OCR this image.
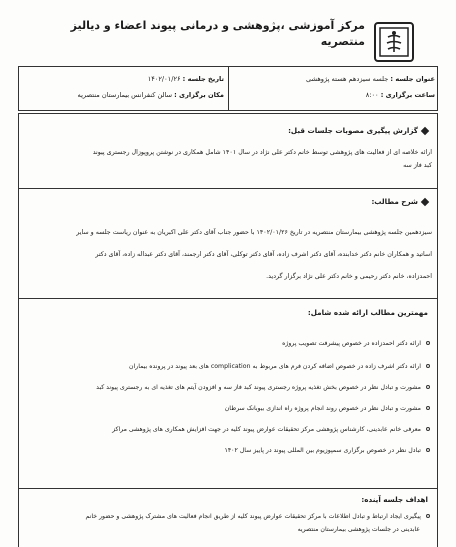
مرکز آموزشی ،پژوهشی و درمانی پیوند اعضاء و دیالیز منتصریه
عنوان جلسه : جلسه سیزدهم هسته پژوهشی
ساعت برگزاری : ۸:۰۰
تاریخ جلسه : ۱۴۰۲/۰۱/۲۶
مکان برگزاری : سالن کنفرانس بیمارستان منتصریه
گزارش پیگیری مصوبات جلسات قبل:
ارائه خلاصه ای از فعالیت های پژوهشی توسط خانم دکتر علی نژاد در سال ۱۴۰۱ شامل همکاری در نوشتن پروپوزال رجستری پیوند
کبد فاز سه
شرح مطالب:
سیزدهمین جلسه پژوهشی بیمارستان منتصریه در تاریخ ۱۴۰۲/۰۱/۲۶ با حضور جناب آقای دکتر علی اکبریان به عنوان ریاست جلسه و سایر
اساتید و همکاران خانم دکتر خدابنده، آقای دکتر اشرف زاده، آقای دکتر توکلی، آقای دکتر ارجمند، آقای دکتر عبداله زاده، آقای دکتر
احمدزاده، خانم دکتر رحیمی و خانم دکتر علی نژاد برگزار گردید.
مهمترین مطالب ارائه شده شامل:
ارائه دکتر احمدزاده در خصوص پیشرفت تصویب پروژه
ارائه دکتر اشرف زاده در خصوص اضافه کردن فرم های مربوط به complication های بعد پیوند در پرونده بیماران
مشورت و تبادل نظر در خصوص بخش تغذیه پروژه رجستری پیوند کبد فاز سه و افزودن آیتم های تغذیه ای به رجستری پیوند کبد
مشورت و تبادل نظر در خصوص روند انجام پروژه راه اندازی بیوبانک سرطان
معرفی خانم عابدینی، کارشناس پژوهشی مرکز تحقیقات عوارض پیوند کلیه در جهت افزایش همکاری های پژوهشی مراکز
تبادل نظر در خصوص برگزاری سمپوزیوم بین المللی پیوند در پاییز سال ۱۴۰۲
اهداف جلسه آینده:
پیگیری ایجاد ارتباط و تبادل اطلاعات با مرکز تحقیقات عوارض پیوند کلیه از طریق انجام فعالیت های مشترک پژوهشی و حضور خانم
عابدینی در جلسات پژوهشی بیمارستان منتصریه
